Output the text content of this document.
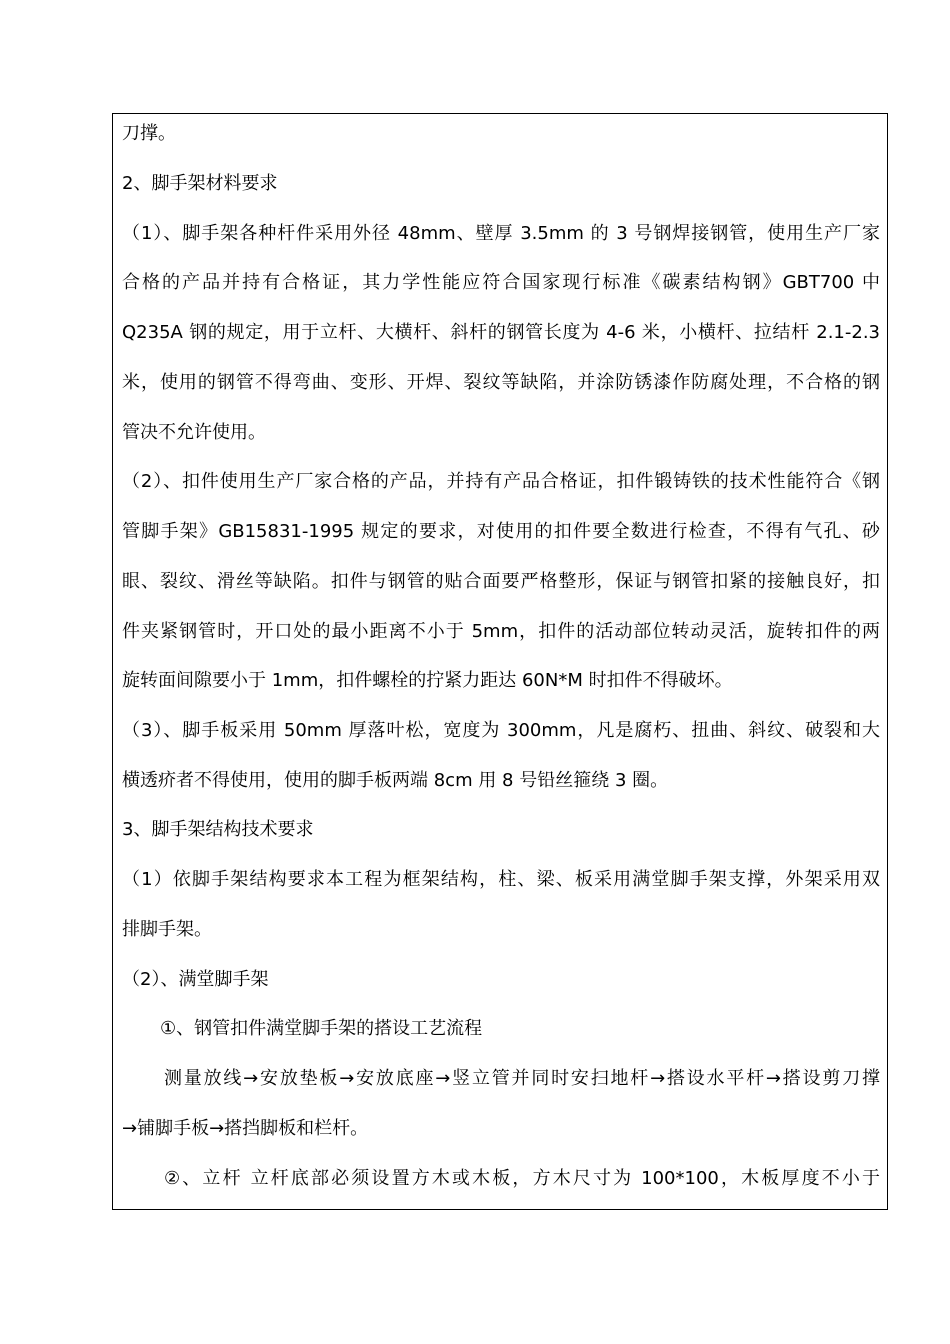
刀撑。
2、脚手架材料要求
（1）、脚手架各种杆件采用外径 48mm、壁厚 3.5mm 的 3 号钢焊接钢管，使用生产厂家
合格的产品并持有合格证，其力学性能应符合国家现行标准《碳素结构钢》GBT700 中
Q235A 钢的规定，用于立杆、大横杆、斜杆的钢管长度为 4-6 米，小横杆、拉结杆 2.1-2.3
米，使用的钢管不得弯曲、变形、开焊、裂纹等缺陷，并涂防锈漆作防腐处理，不合格的钢
管决不允许使用。
（2）、扣件使用生产厂家合格的产品，并持有产品合格证，扣件锻铸铁的技术性能符合《钢
管脚手架》GB15831-1995 规定的要求，对使用的扣件要全数进行检查，不得有气孔、砂
眼、裂纹、滑丝等缺陷。扣件与钢管的贴合面要严格整形，保证与钢管扣紧的接触良好，扣
件夹紧钢管时，开口处的最小距离不小于 5mm，扣件的活动部位转动灵活，旋转扣件的两
旋转面间隙要小于 1mm，扣件螺栓的拧紧力距达 60N*M 时扣件不得破坏。
（3）、脚手板采用 50mm 厚落叶松，宽度为 300mm，凡是腐朽、扭曲、斜纹、破裂和大
横透疥者不得使用，使用的脚手板两端 8cm 用 8 号铅丝箍绕 3 圈。
3、脚手架结构技术要求
（1）依脚手架结构要求本工程为框架结构，柱、梁、板采用满堂脚手架支撑，外架采用双
排脚手架。
（2）、满堂脚手架
①、钢管扣件满堂脚手架的搭设工艺流程
测量放线→安放垫板→安放底座→竖立管并同时安扫地杆→搭设水平杆→搭设剪刀撑
→铺脚手板→搭挡脚板和栏杆。
②、立杆 立杆底部必须设置方木或木板，方木尺寸为 100*100，木板厚度不小于
